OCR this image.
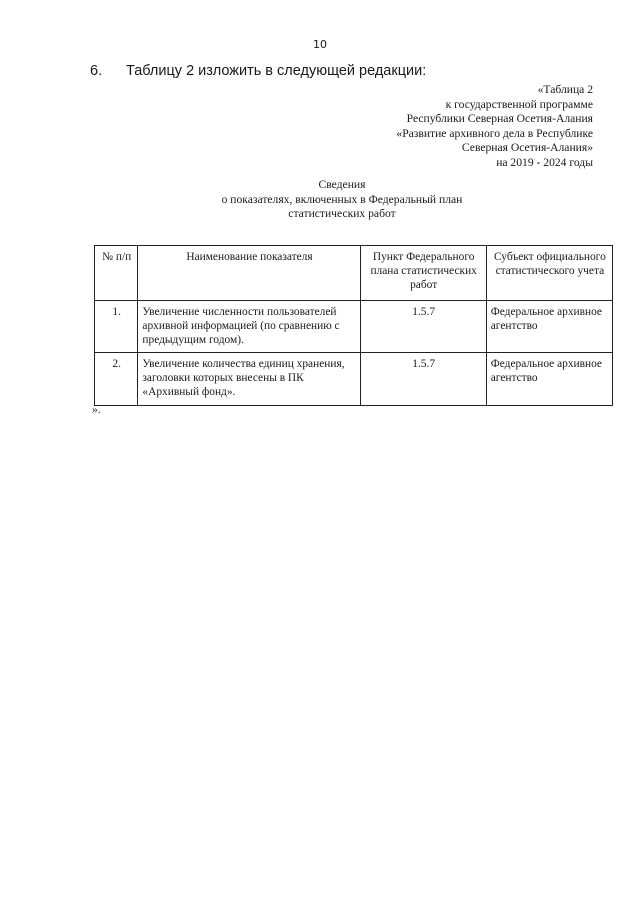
10
6. Таблицу 2 изложить в следующей редакции:
«Таблица 2
к государственной программе
Республики Северная Осетия-Алания
«Развитие архивного дела в Республике
Северная Осетия-Алания»
на 2019 - 2024 годы
Сведения
о показателях, включенных в Федеральный план
статистических работ
№ п/п	Наименование показателя	Пункт Федерального плана статистических работ	Субъект официального статистического учета
1.	Увеличение численности пользователей архивной информацией (по сравнению с предыдущим годом).	1.5.7	Федеральное архивное агентство
2.	Увеличение количества единиц хранения, заголовки которых внесены в ПК «Архивный фонд».	1.5.7	Федеральное архивное агентство
».
